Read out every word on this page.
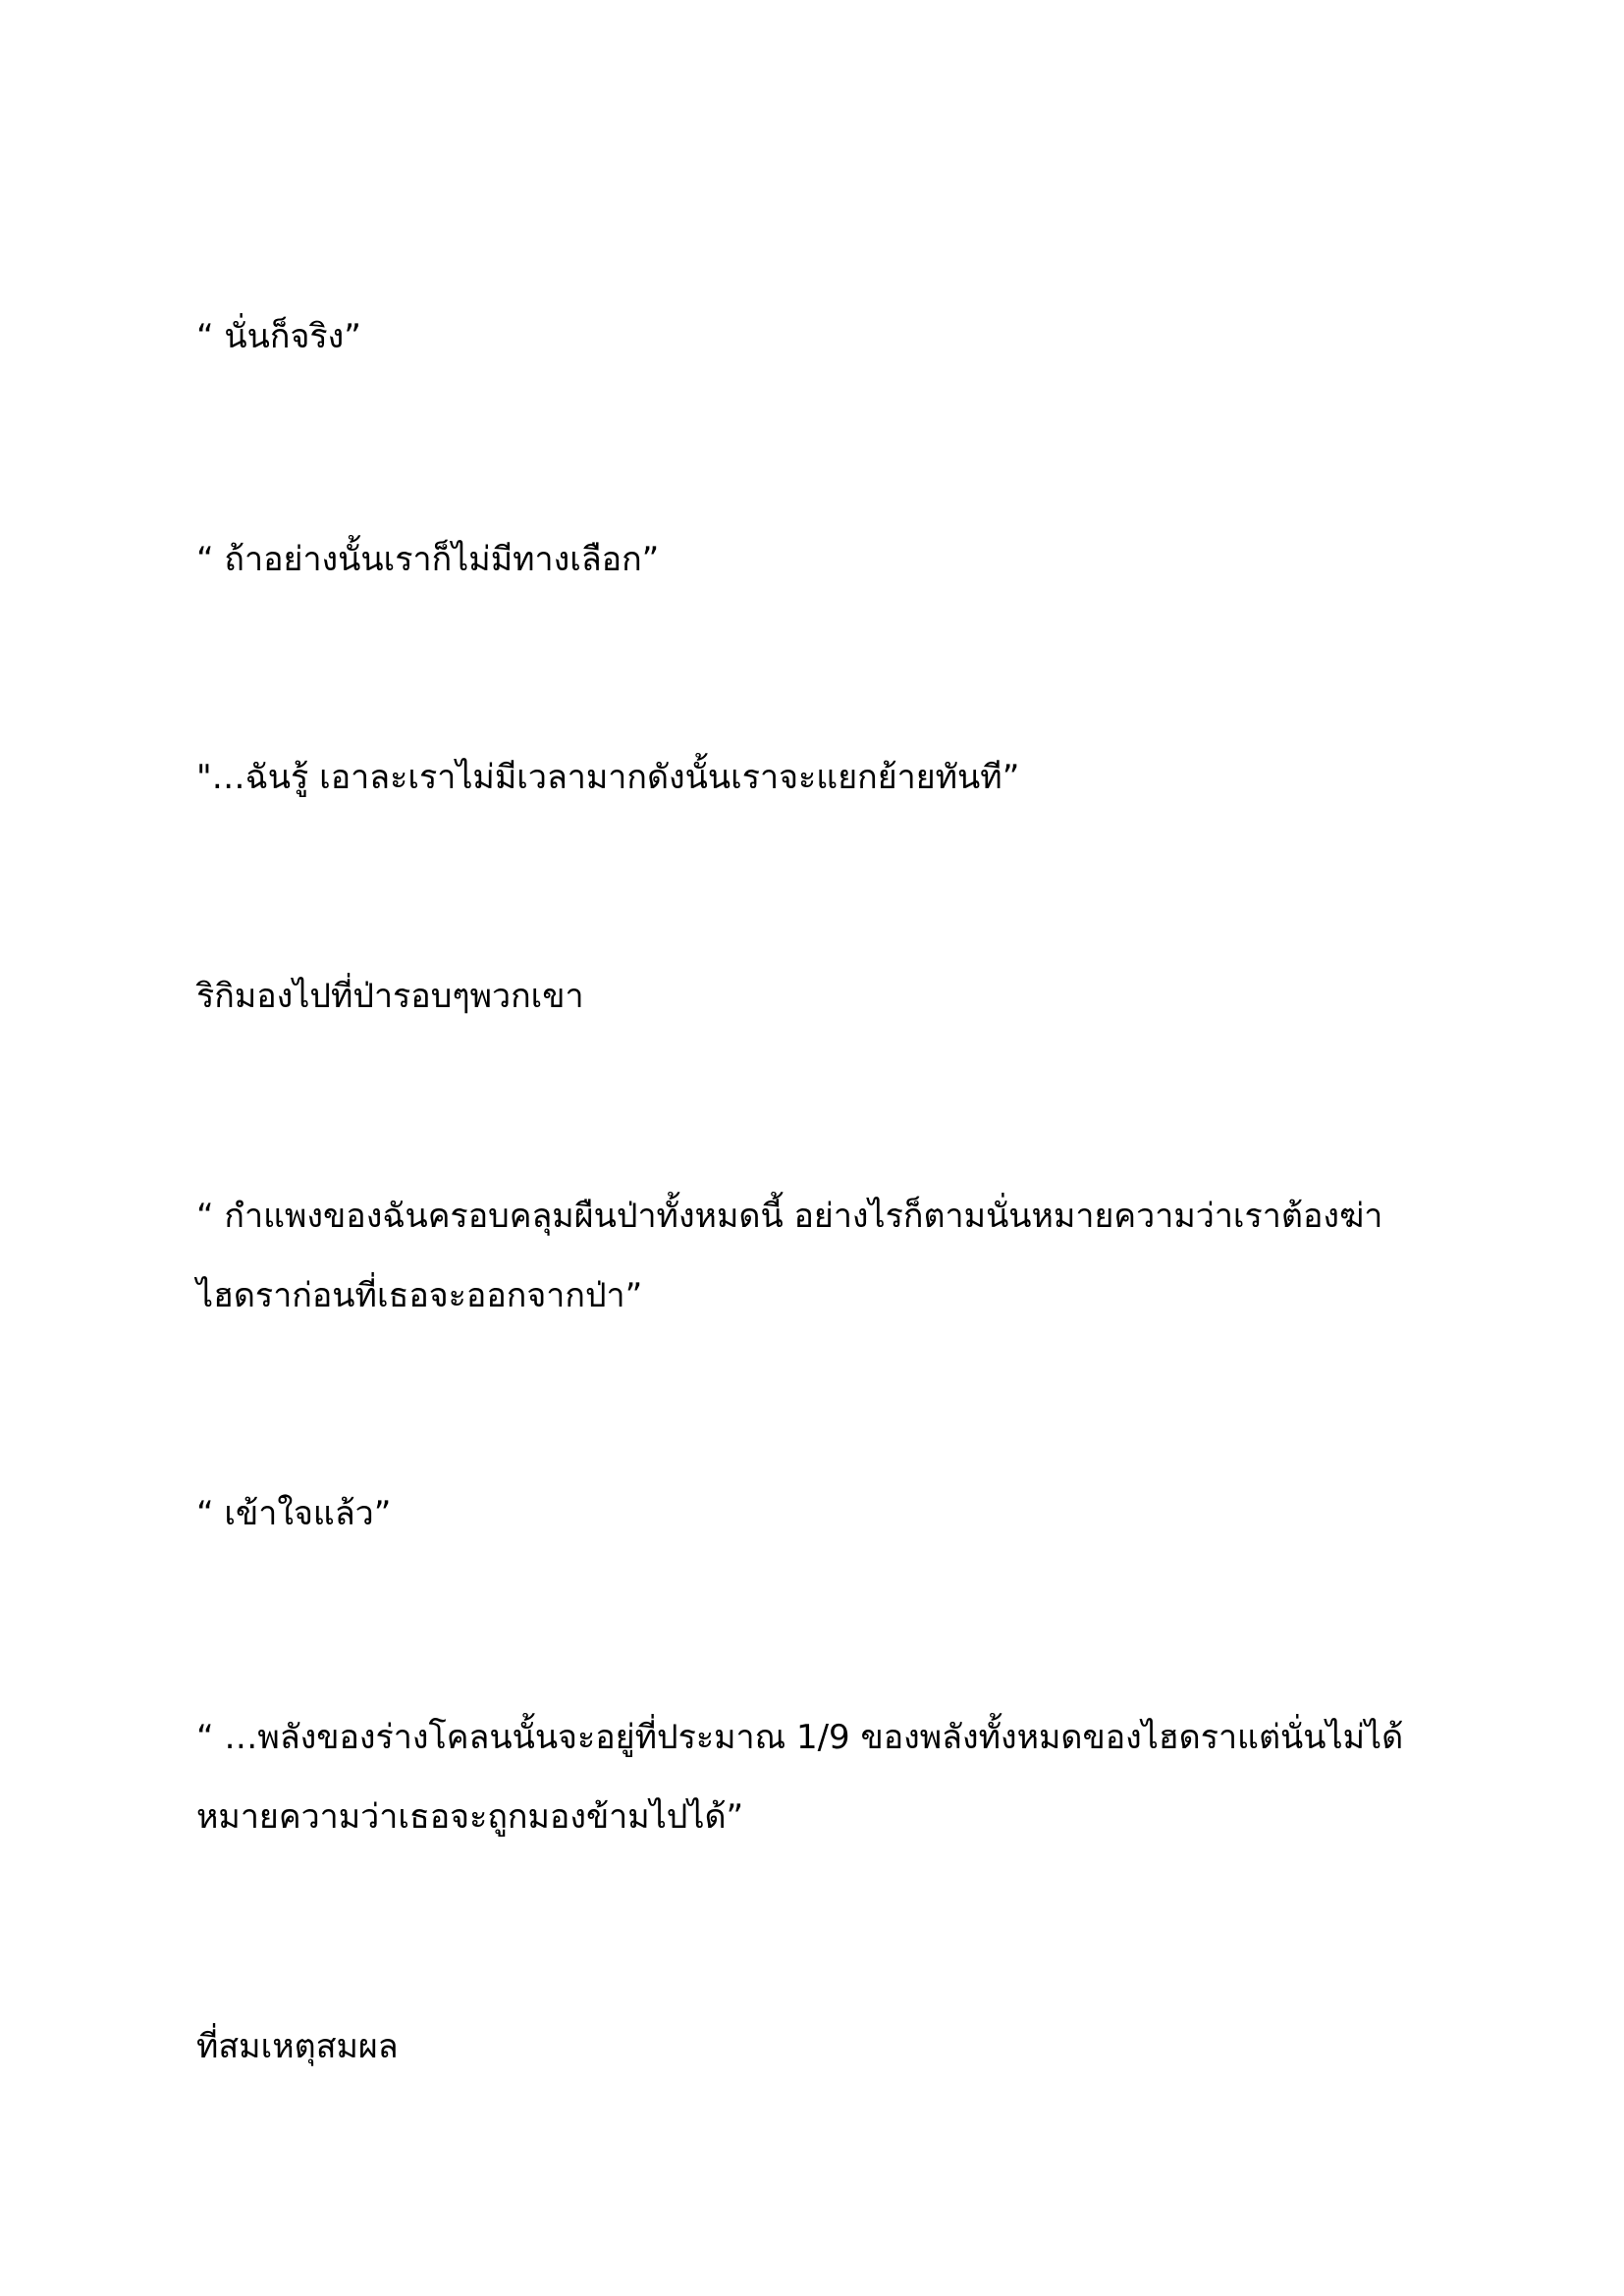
“ นั่นก็จริง”

“ ถ้าอย่างนั้นเราก็ไม่มีทางเลือก”

"…ฉันรู้ เอาละเราไม่มีเวลามากดังนั้นเราจะแยกย้ายทันที”

ริกิมองไปที่ป่ารอบๆพวกเขา

“ กำแพงของฉันครอบคลุมผืนป่าทั้งหมดนี้ อย่างไรก็ตามนั่นหมายความว่าเราต้องฆ่าไฮดราก่อนที่เธอจะออกจากป่า”

“ เข้าใจแล้ว”

“ …พลังของร่างโคลนนั้นจะอยู่ที่ประมาณ 1/9 ของพลังทั้งหมดของไฮดราแต่นั่นไม่ได้หมายความว่าเธอจะถูกมองข้ามไปได้”

ที่สมเหตุสมผล
